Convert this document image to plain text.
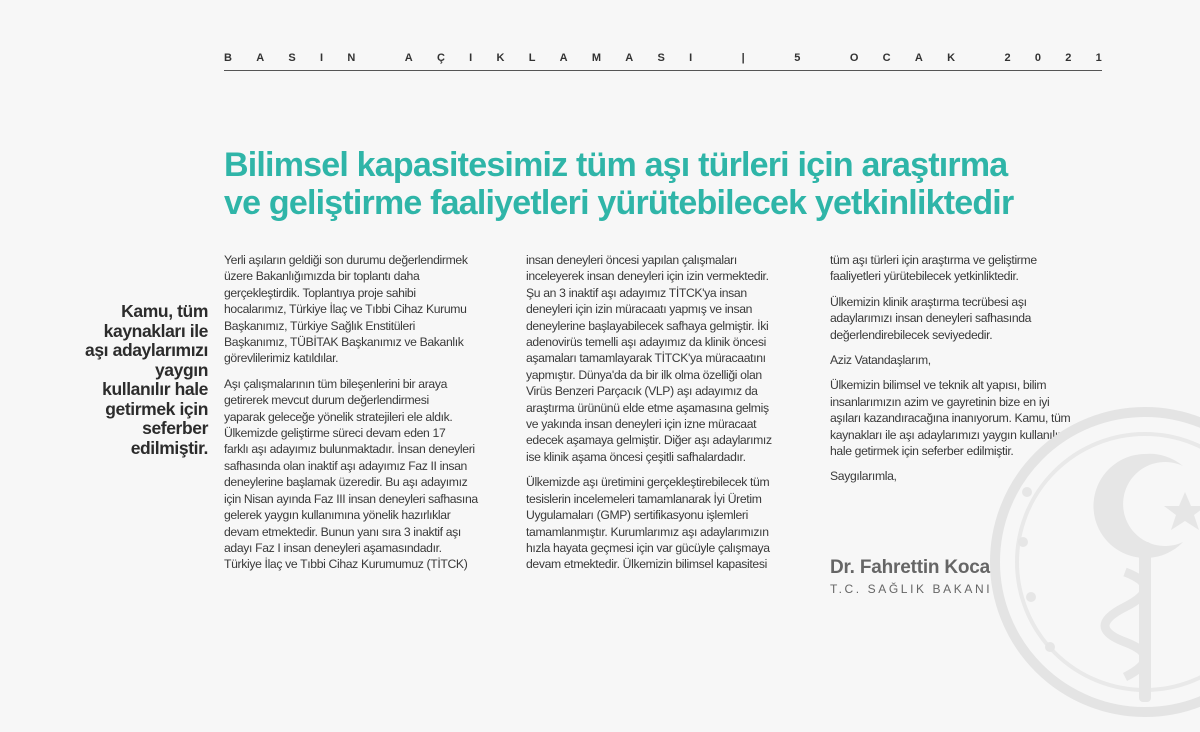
B A S I N	A Ç I K L A M A S I	|	5	O C A K	2 0 2 1
Bilimsel kapasitesimiz tüm aşı türleri için araştırma
ve geliştirme faaliyetleri yürütebilecek yetkinliktedir
Kamu, tüm
kaynakları ile
aşı adaylarımızı
yaygın
kullanılır hale
getirmek için
seferber
edilmiştir.

Yerli aşıların geldiği son durumu değerlendirmek
üzere Bakanlığımızda bir toplantı daha
gerçekleştirdik. Toplantıya proje sahibi
hocalarımız, Türkiye İlaç ve Tıbbi Cihaz Kurumu
Başkanımız, Türkiye Sağlık Enstitüleri
Başkanımız, TÜBİTAK Başkanımız ve Bakanlık
görevlilerimiz katıldılar.

Aşı çalışmalarının tüm bileşenlerini bir araya
getirerek mevcut durum değerlendirmesi
yaparak geleceğe yönelik stratejileri ele aldık.
Ülkemizde geliştirme süreci devam eden 17
farklı aşı adayımız bulunmaktadır. İnsan deneyleri
safhasında olan inaktif aşı adayımız Faz II insan
deneylerine başlamak üzeredir. Bu aşı adayımız
için Nisan ayında Faz III insan deneyleri safhasına
gelerek yaygın kullanımına yönelik hazırlıklar
devam etmektedir. Bunun yanı sıra 3 inaktif aşı
adayı Faz I insan deneyleri aşamasındadır.
Türkiye İlaç ve Tıbbi Cihaz Kurumumuz (TİTCK)

insan deneyleri öncesi yapılan çalışmaları
inceleyerek insan deneyleri için izin vermektedir.
Şu an 3 inaktif aşı adayımız TİTCK'ya insan
deneyleri için izin müracaatı yapmış ve insan
deneylerine başlayabilecek safhaya gelmiştir. İki
adenovirüs temelli aşı adayımız da klinik öncesi
aşamaları tamamlayarak TİTCK'ya müracaatını
yapmıştır. Dünya'da da bir ilk olma özelliği olan
Virüs Benzeri Parçacık (VLP) aşı adayımız da
araştırma ürününü elde etme aşamasına gelmiş
ve yakında insan deneyleri için izne müracaat
edecek aşamaya gelmiştir. Diğer aşı adaylarımız
ise klinik aşama öncesi çeşitli safhalardadır.

Ülkemizde aşı üretimini gerçekleştirebilecek tüm
tesislerin incelemeleri tamamlanarak İyi Üretim
Uygulamaları (GMP) sertifikasyonu işlemleri
tamamlanmıştır. Kurumlarımız aşı adaylarımızın
hızla hayata geçmesi için var gücüyle çalışmaya
devam etmektedir. Ülkemizin bilimsel kapasitesi

tüm aşı türleri için araştırma ve geliştirme
faaliyetleri yürütebilecek yetkinliktedir.

Ülkemizin klinik araştırma tecrübesi aşı
adaylarımızı insan deneyleri safhasında
değerlendirebilecek seviyededir.

Aziz Vatandaşlarım,

Ülkemizin bilimsel ve teknik alt yapısı, bilim
insanlarımızın azim ve gayretinin bize en iyi
aşıları kazandıracağına inanıyorum. Kamu, tüm
kaynakları ile aşı adaylarımızı yaygın kullanılır
hale getirmek için seferber edilmiştir.

Saygılarımla,

Dr. Fahrettin Koca
T.C. SAĞLIK BAKANI
